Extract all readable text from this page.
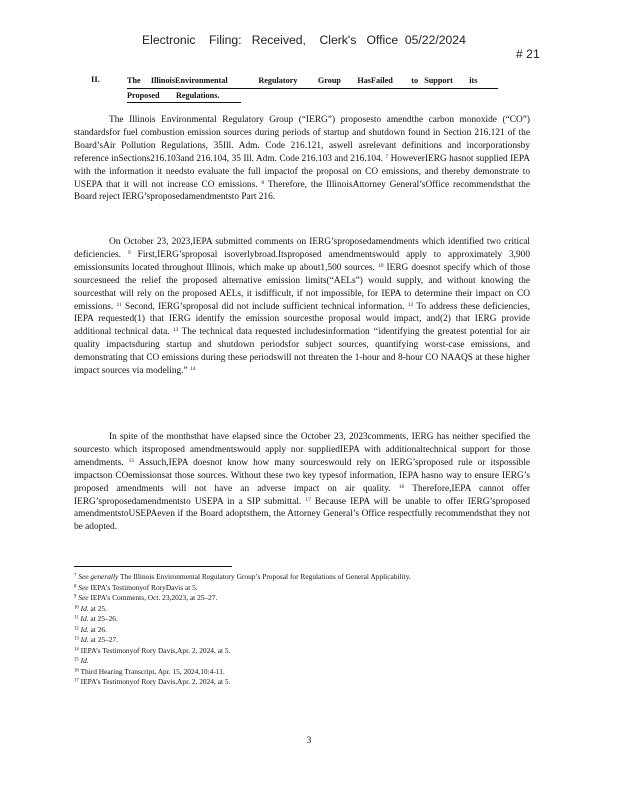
Electronic    Filing:   Received,    Clerk's   Office  05/22/2024

# 21

II.	The     IllinoisEnvironmental               Regulatory          Group        HasFailed         to   Support        its
Proposed        Regulations.

The Illinois Environmental Regulatory Group (“IERG”) proposesto amendthe carbon monoxide (“CO”) standardsfor fuel combustion emission sources during periods of startup and shutdown found in Section 216.121 of the Board’sAir Pollution Regulations, 35Ill. Adm. Code 216.121, aswell asrelevant definitions and incorporationsby reference inSections216.103and 216.104, 35 Ill. Adm. Code 216.103 and 216.104. $^7$ HoweverIERG hasnot supplied IEPA with the information it needsto evaluate the full impactof the proposal on CO emissions, and thereby demonstrate to USEPA that it will not increase CO emissions. $^8$ Therefore, the IllinoisAttorney General’sOffice recommendsthat the Board reject IERG’sproposedamendmentsto Part 216.

On October 23, 2023,IEPA submitted comments on IERG’sproposedamendments which identified two critical deficiencies. $^9$ First,IERG’sproposal isoverlybroad.Itsproposed amendmentswould apply to approximately 3,900 emissionsunits located throughout Illinois, which make up about1,500 sources. $^{10}$ IERG doesnot specify which of those sourcesneed the relief the proposed alternative emission limits(“AELs”) would supply, and without knowing the sourcesthat will rely on the proposed AELs, it isdifficult, if not impossible, for IEPA to determine their impact on CO emissions. $^{11}$ Second, IERG’sproposal did not include sufficient technical information. $^{12}$ To address these deficiencies, IEPA requested(1) that IERG identify the emission sourcesthe proposal would impact, and(2) that IERG provide additional technical data. $^{13}$ The technical data requested includesinformation ‘‘identifying the greatest potential for air quality impactsduring startup and shutdown periodsfor subject sources, quantifying worst-case emissions, and demonstrating that CO emissions during these periodswill not threaten the 1-hour and 8-hour CO NAAQS at these higher impact sources via modeling.” $^{14}$

In spite of the monthsthat have elapsed since the October 23, 2023comments, IERG has neither specified the sourcesto which itsproposed amendmentswould apply nor suppliedIEPA with additionaltechnical support for those amendments. $^{15}$ Assuch,IEPA doesnot know how many sourceswould rely on IERG’sproposed rule or itspossible impactson COemissionsat those sources. Without these two key typesof information, IEPA hasno way to ensure IERG’s proposed amendments will not have an adverse impact on air quality. $^{16}$ Therefore,IEPA cannot offer IERG’sproposedamendmentsto USEPA in a SIP submittal. $^{17}$ Because IEPA will be unable to offer IERG’sproposed amendmentstoUSEPAeven if the Board adoptsthem, the Attorney General’s Office respectfully recommendsthat they not be adopted.

$^7$ See generally The Illinois Environmental Regulatory Group’s Proposal for Regulations of General Applicability.
$^8$ See IEPA’s Testimonyof RoryDavis at 5.
$^9$ See IEPA’s Comments, Oct. 23,2023, at 25–27.
$^{10}$ Id. at 25.
$^{11}$ Id. at 25–26.
$^{12}$ Id. at 26.
$^{13}$ Id. at 25–27.
$^{14}$ IEPA’s Testimonyof Rory Davis,Apr. 2, 2024, at 5.
$^{15}$ Id.
$^{16}$ Third Hearing Transcript, Apr. 15, 2024,10:4-11.
$^{17}$ IEPA’s Testimonyof Rory Davis,Apr. 2, 2024, at 5.
3
